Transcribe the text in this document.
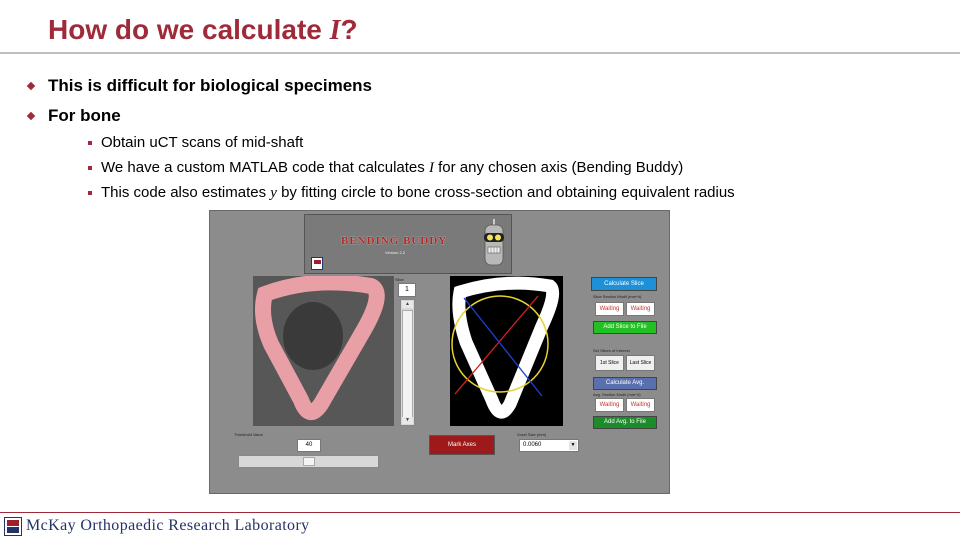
How do we calculate I?
This is difficult for biological specimens
For bone
Obtain uCT scans of mid-shaft
We have a custom MATLAB code that calculates I for any chosen axis (Bending Buddy)
This code also estimates y by fitting circle to bone cross-section and obtaining equivalent radius
BENDING BUDDY
Version 2.2
Slice
1
▲
▼
Calculate Slice
Slice Section Modii (mm^4)
Waiting	Waiting
Add Slice to File
Set Slices of Interest
1st Slice	Last Slice
Calculate Avg.
Avg. Section Modii (mm^4)
Waiting	Waiting
Add Avg. to File
Threshold Value
40	Mark Axes
Voxel Size (mm)
0.0060	▼
McKay Orthopaedic Research Laboratory
